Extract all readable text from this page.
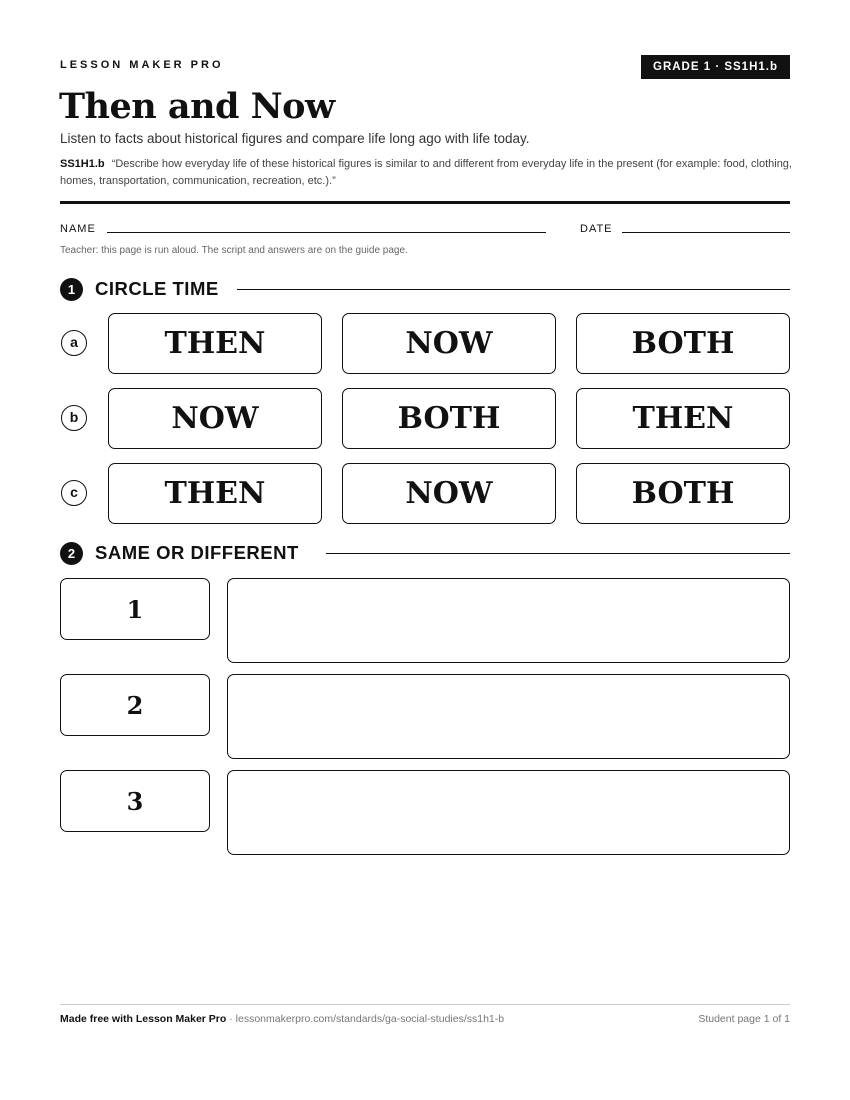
LESSON MAKER PRO	GRADE 1 · SS1H1.b
Then and Now

Listen to facts about historical figures and compare life long ago with life today.

SS1H1.b “Describe how everyday life of these historical figures is similar to and different from everyday life in the present (for example: food, clothing, homes, transportation, communication, recreation, etc.).”

NAME	DATE
Teacher: this page is run aloud. The script and answers are on the guide page.
1	CIRCLE TIME
a	THEN	NOW	BOTH
b	NOW	BOTH	THEN
c	THEN	NOW	BOTH
2	SAME OR DIFFERENT
1
2
3
Made free with Lesson Maker Pro · lessonmakerpro.com/standards/ga-social-studies/ss1h1-b	Student page 1 of 1
